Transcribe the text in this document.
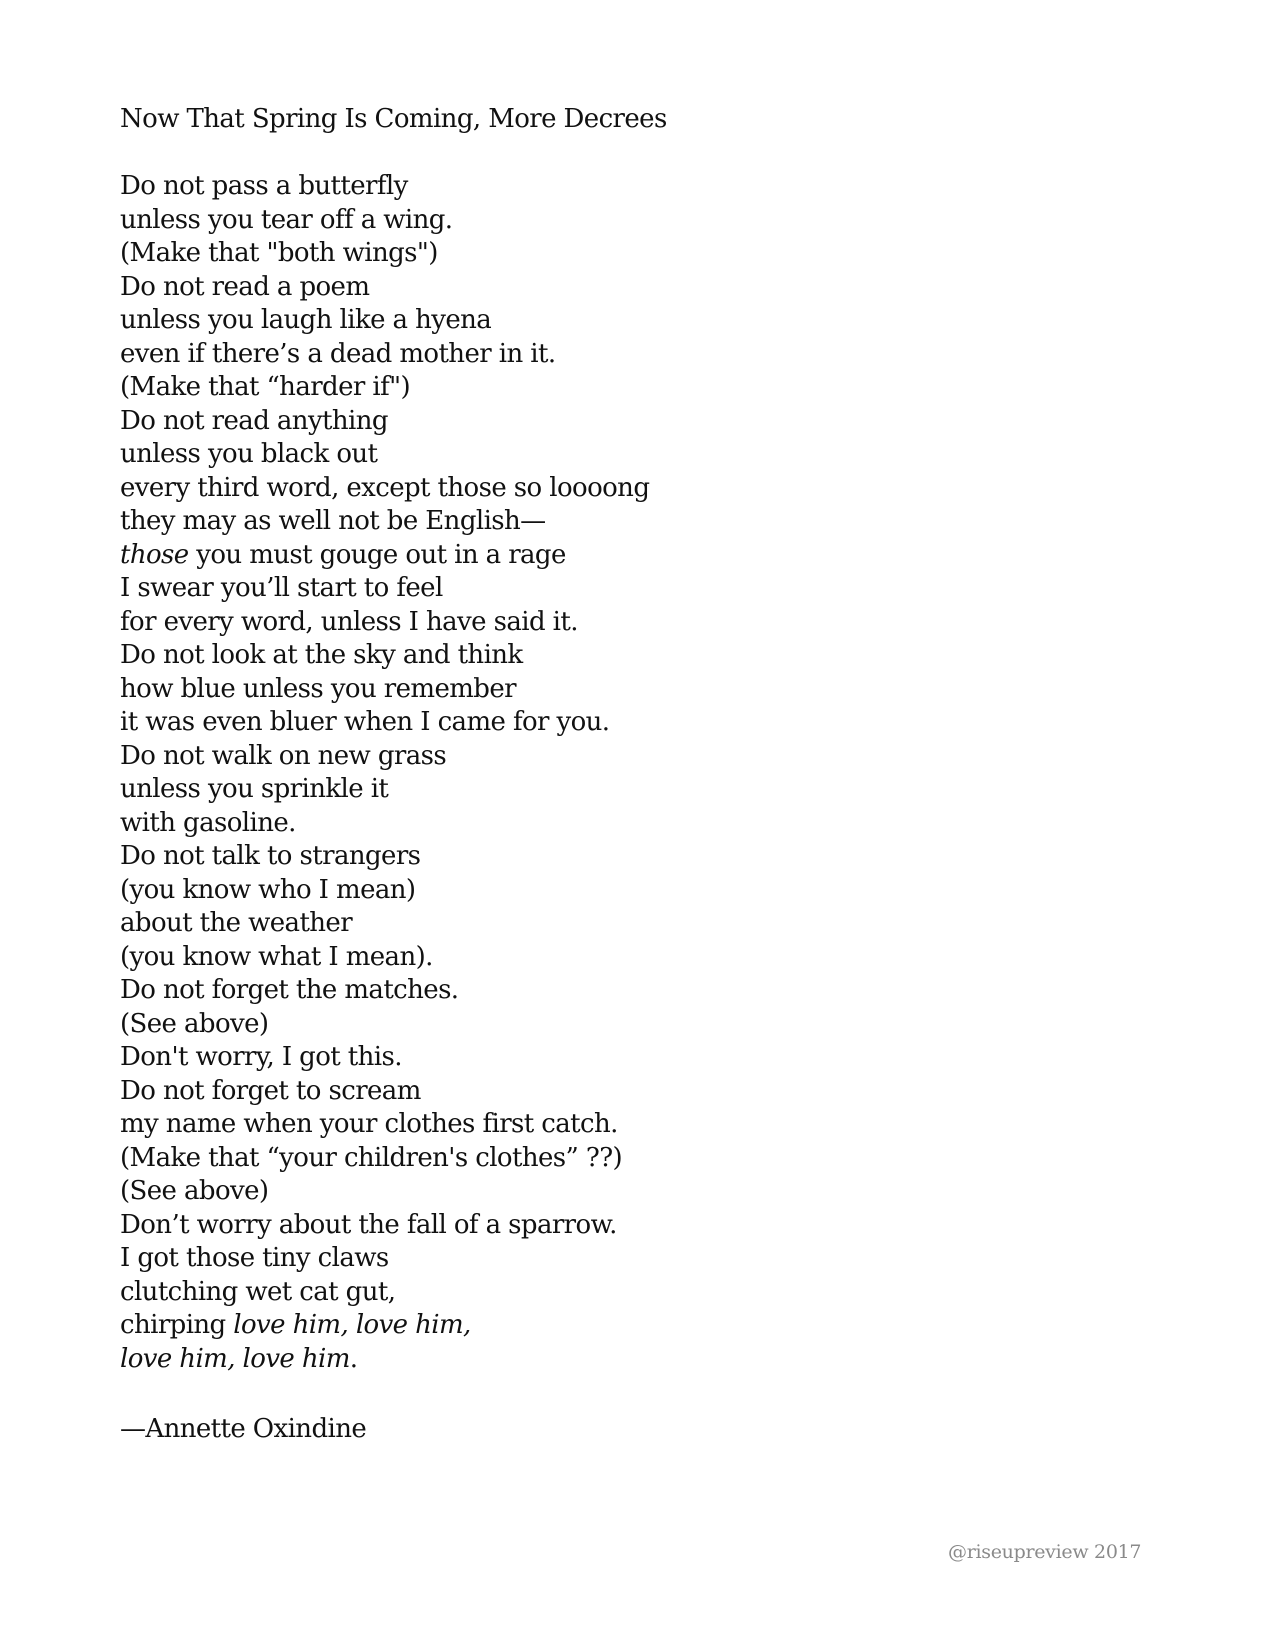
Now That Spring Is Coming, More Decrees
Do not pass a butterfly
unless you tear off a wing.
(Make that "both wings")
Do not read a poem
unless you laugh like a hyena
even if there’s a dead mother in it.
(Make that “harder if")
Do not read anything
unless you black out
every third word, except those so loooong
they may as well not be English—
those you must gouge out in a rage
I swear you’ll start to feel
for every word, unless I have said it.
Do not look at the sky and think
how blue unless you remember
it was even bluer when I came for you.
Do not walk on new grass
unless you sprinkle it
with gasoline.
Do not talk to strangers
(you know who I mean)
about the weather
(you know what I mean).
Do not forget the matches.
(See above)
Don't worry, I got this.
Do not forget to scream
my name when your clothes first catch.
(Make that “your children's clothes” ??)
(See above)
Don’t worry about the fall of a sparrow.
I got those tiny claws
clutching wet cat gut,
chirping love him, love him,
love him, love him.
—Annette Oxindine
@riseupreview 2017
